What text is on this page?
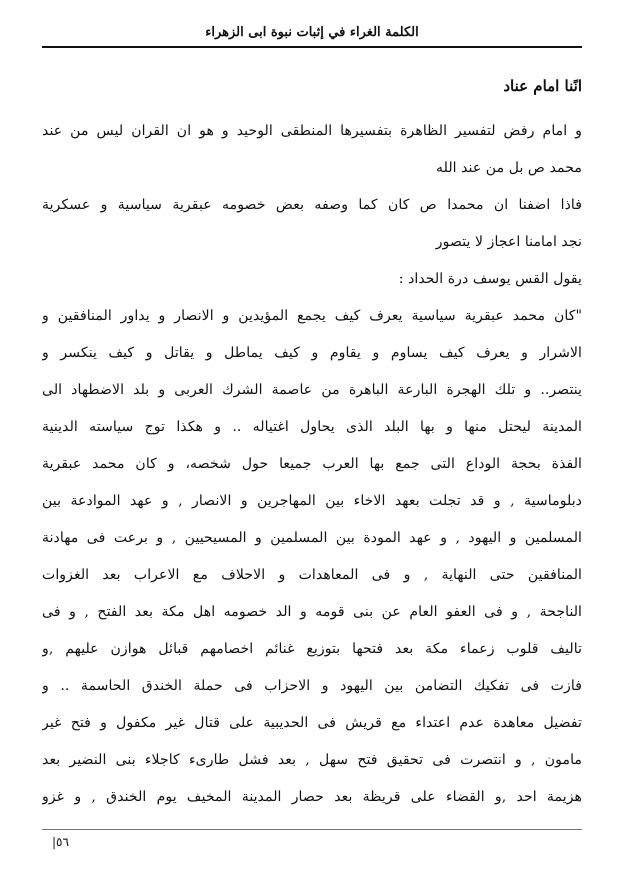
الكلمة الغراء في إثبات نبوة ابى الزهراء
انًنا امام عناد
و امام رفض لتفسير الظاهرة بتفسيرها المنطقى الوحيد و هو ان القران ليس من عند
محمد ص بل من عند الله
فاذا اضفنا ان محمدا ص كان كما وصفه بعض خصومه عبقرية سياسية و عسكرية
نجد امامنا اعجاز لا يتصور
يقول القس يوسف درة الحداد :
"كان محمد عبقرية سياسية يعرف كيف يجمع المؤيدين و الانصار و يداور المنافقين و
الاشرار و يعرف كيف يساوم و يقاوم و كيف يماطل و يقاتل و كيف ينكسر و
ينتصر.. و تلك الهجرة البارعة الباهرة من عاصمة الشرك العربى و بلد الاضطهاد الى
المدينة ليحتل منها و بها البلد الذى يحاول اغتياله .. و هكذا توج سياسته الدينية
الفذة بحجة الوداع التى جمع بها العرب جميعا حول شخصه، و كان محمد عبقرية
دبلوماسية , و قد تجلت بعهد الاخاء بين المهاجرين و الانصار , و عهد الموادعة بين
المسلمين و اليهود , و عهد المودة بين المسلمين و المسيحيين , و برعت فى مهادنة
المنافقين حتى النهاية , و فى المعاهدات و الاحلاف مع الاعراب بعد الغزوات
الناجحة , و فى العفو العام عن بنى قومه و الد خصومه اهل مكة بعد الفتح , و فى
تاليف قلوب زعماء مكة بعد فتحها بتوزيع غنائم اخصامهم قبائل هوازن عليهم ,و
فازت فى تفكيك التضامن بين اليهود و الاحزاب فى حملة الخندق الحاسمة .. و
تفضيل معاهدة عدم اعتداء مع قريش فى الحديبية على قتال غير مكفول و فتح غير
مامون , و انتصرت فى تحقيق فتح سهل , بعد فشل طارىء كاجلاء بنى النضير بعد
هزيمة احد ,و القضاء على قريظة بعد حصار المدينة المخيف يوم الخندق , و غزو
٥٦|
